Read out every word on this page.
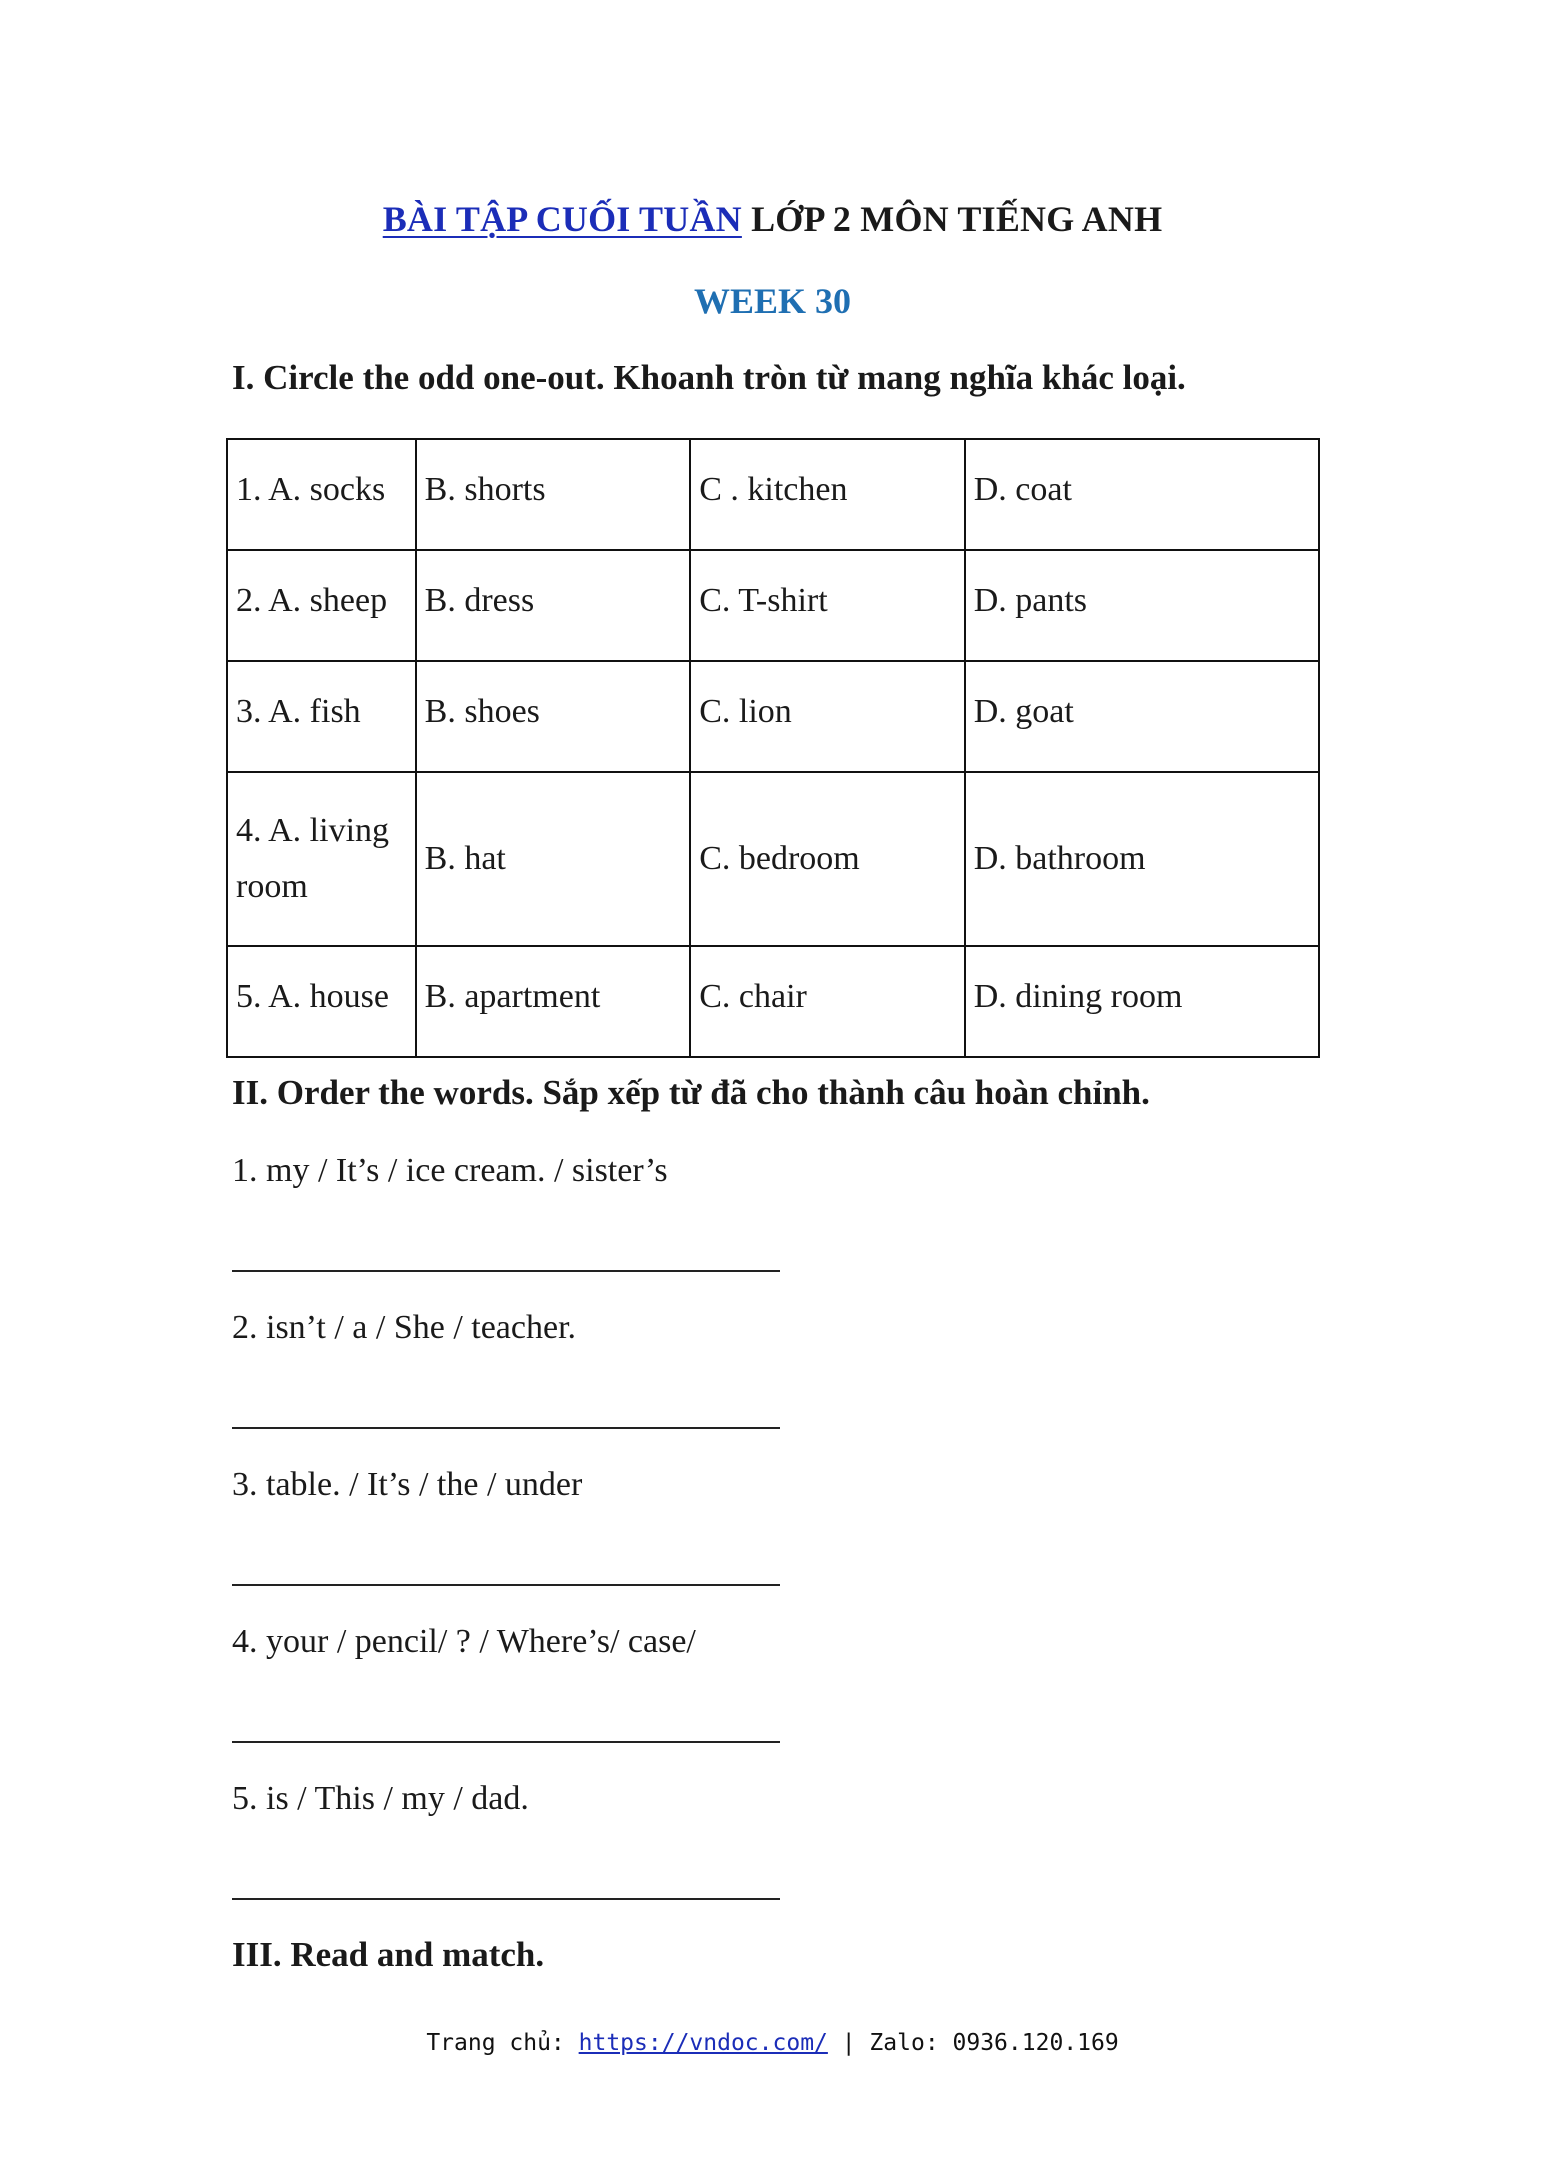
BÀI TẬP CUỐI TUẦN LỚP 2 MÔN TIẾNG ANH
WEEK 30
I. Circle the odd one-out. Khoanh tròn từ mang nghĩa khác loại.
1. A. socks	B. shorts	C . kitchen	D. coat
2. A. sheep	B. dress	C. T-shirt	D. pants
3. A. fish	B. shoes	C. lion	D. goat
4. A. living room	B. hat	C. bedroom	D. bathroom
5. A. house	B. apartment	C. chair	D. dining room
II. Order the words. Sắp xếp từ đã cho thành câu hoàn chỉnh.
1. my / It’s / ice cream. / sister’s
2. isn’t / a / She / teacher.
3. table. / It’s / the / under
4. your / pencil/ ? / Where’s/ case/
5. is / This / my / dad.
III. Read and match.
Trang chủ: https://vndoc.com/ | Zalo: 0936.120.169
